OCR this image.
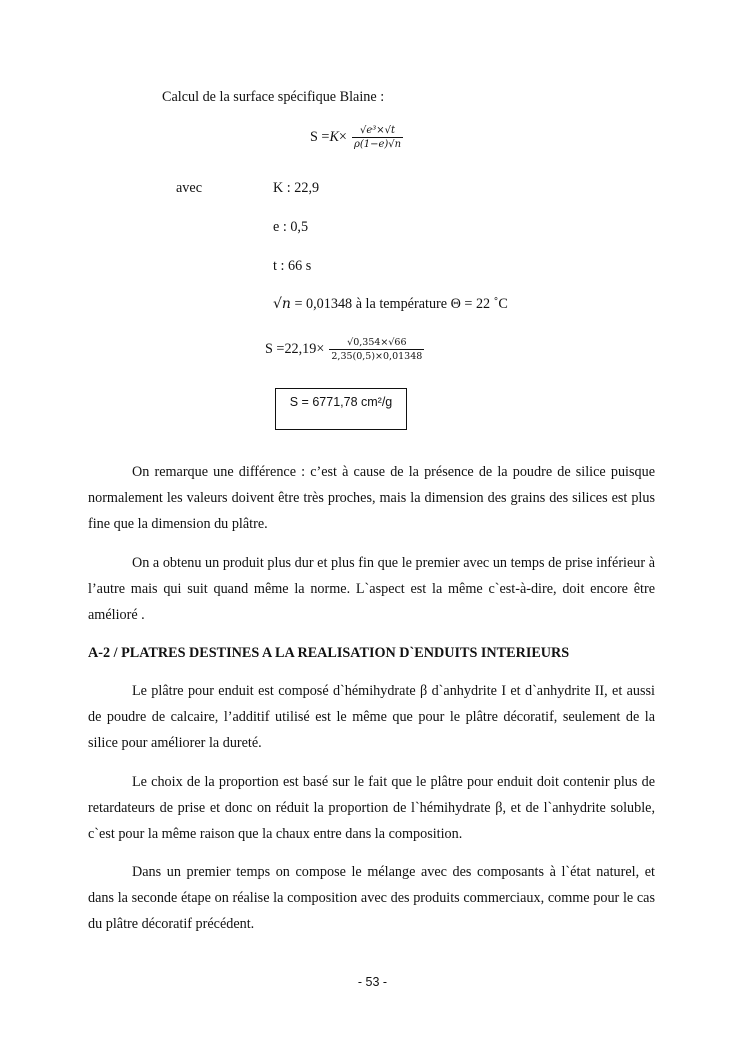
Calcul de la surface spécifique Blaine :
$S = K \times \frac{\text{√e³×√t}}{\rho(1-e)√n}$
avec	K : 22,9
e : 0,5
t : 66 s
√n = 0,01348 à la température Θ = 22 ˚C
$S =22,19\times \frac{√0,354\times√66}{2,35(0,5)\times 0,01348}$
S = 6771,78 cm²/g

On remarque une différence : c’est à cause de la présence de la poudre de silice puisque normalement les valeurs doivent être très proches, mais la dimension des grains des silices est plus fine que la dimension du plâtre.

On a obtenu un produit plus dur et plus fin que le premier avec un temps de prise inférieur à l’autre mais qui suit quand même la norme. L`aspect est la même c`est-à-dire, doit encore être amélioré .

A-2 / PLATRES DESTINES A LA REALISATION D`ENDUITS INTERIEURS

Le plâtre pour enduit est composé d`hémihydrate β d`anhydrite I et d`anhydrite II, et aussi de poudre de calcaire, l’additif utilisé est le même que pour le plâtre décoratif, seulement de la silice pour améliorer la dureté.

Le choix de la proportion est basé sur le fait que le plâtre pour enduit doit contenir plus de retardateurs de prise et donc on réduit la proportion de l`hémihydrate β, et de l`anhydrite soluble, c`est pour la même raison que la chaux entre dans la composition.

Dans un premier temps on compose le mélange avec des composants à l`état naturel, et dans la seconde étape on réalise la composition avec des produits commerciaux, comme pour le cas du plâtre décoratif précédent.

- 53 -
